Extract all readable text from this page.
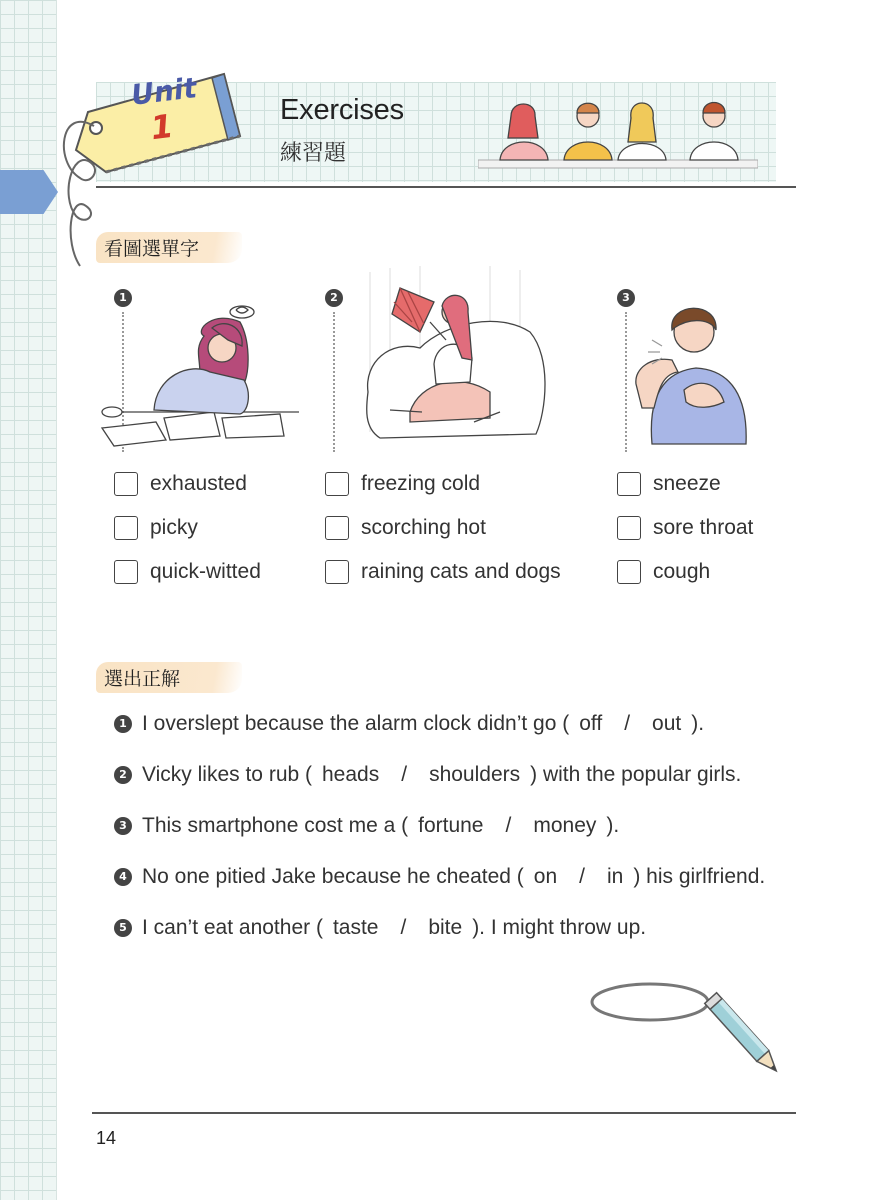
Unit
1	Exercises
練習題
看圖選單字
1
exhausted
picky
quick-witted
2
freezing cold
scorching hot
raining cats and dogs
3
sneeze
sore throat
cough
選出正解
1 I overslept because the alarm clock didn’t go ( off / out ).
2 Vicky likes to rub ( heads / shoulders ) with the popular girls.
3 This smartphone cost me a ( fortune / money ).
4 No one pitied Jake because he cheated ( on / in ) his girlfriend.
5 I can’t eat another ( taste / bite ). I might throw up.
14
